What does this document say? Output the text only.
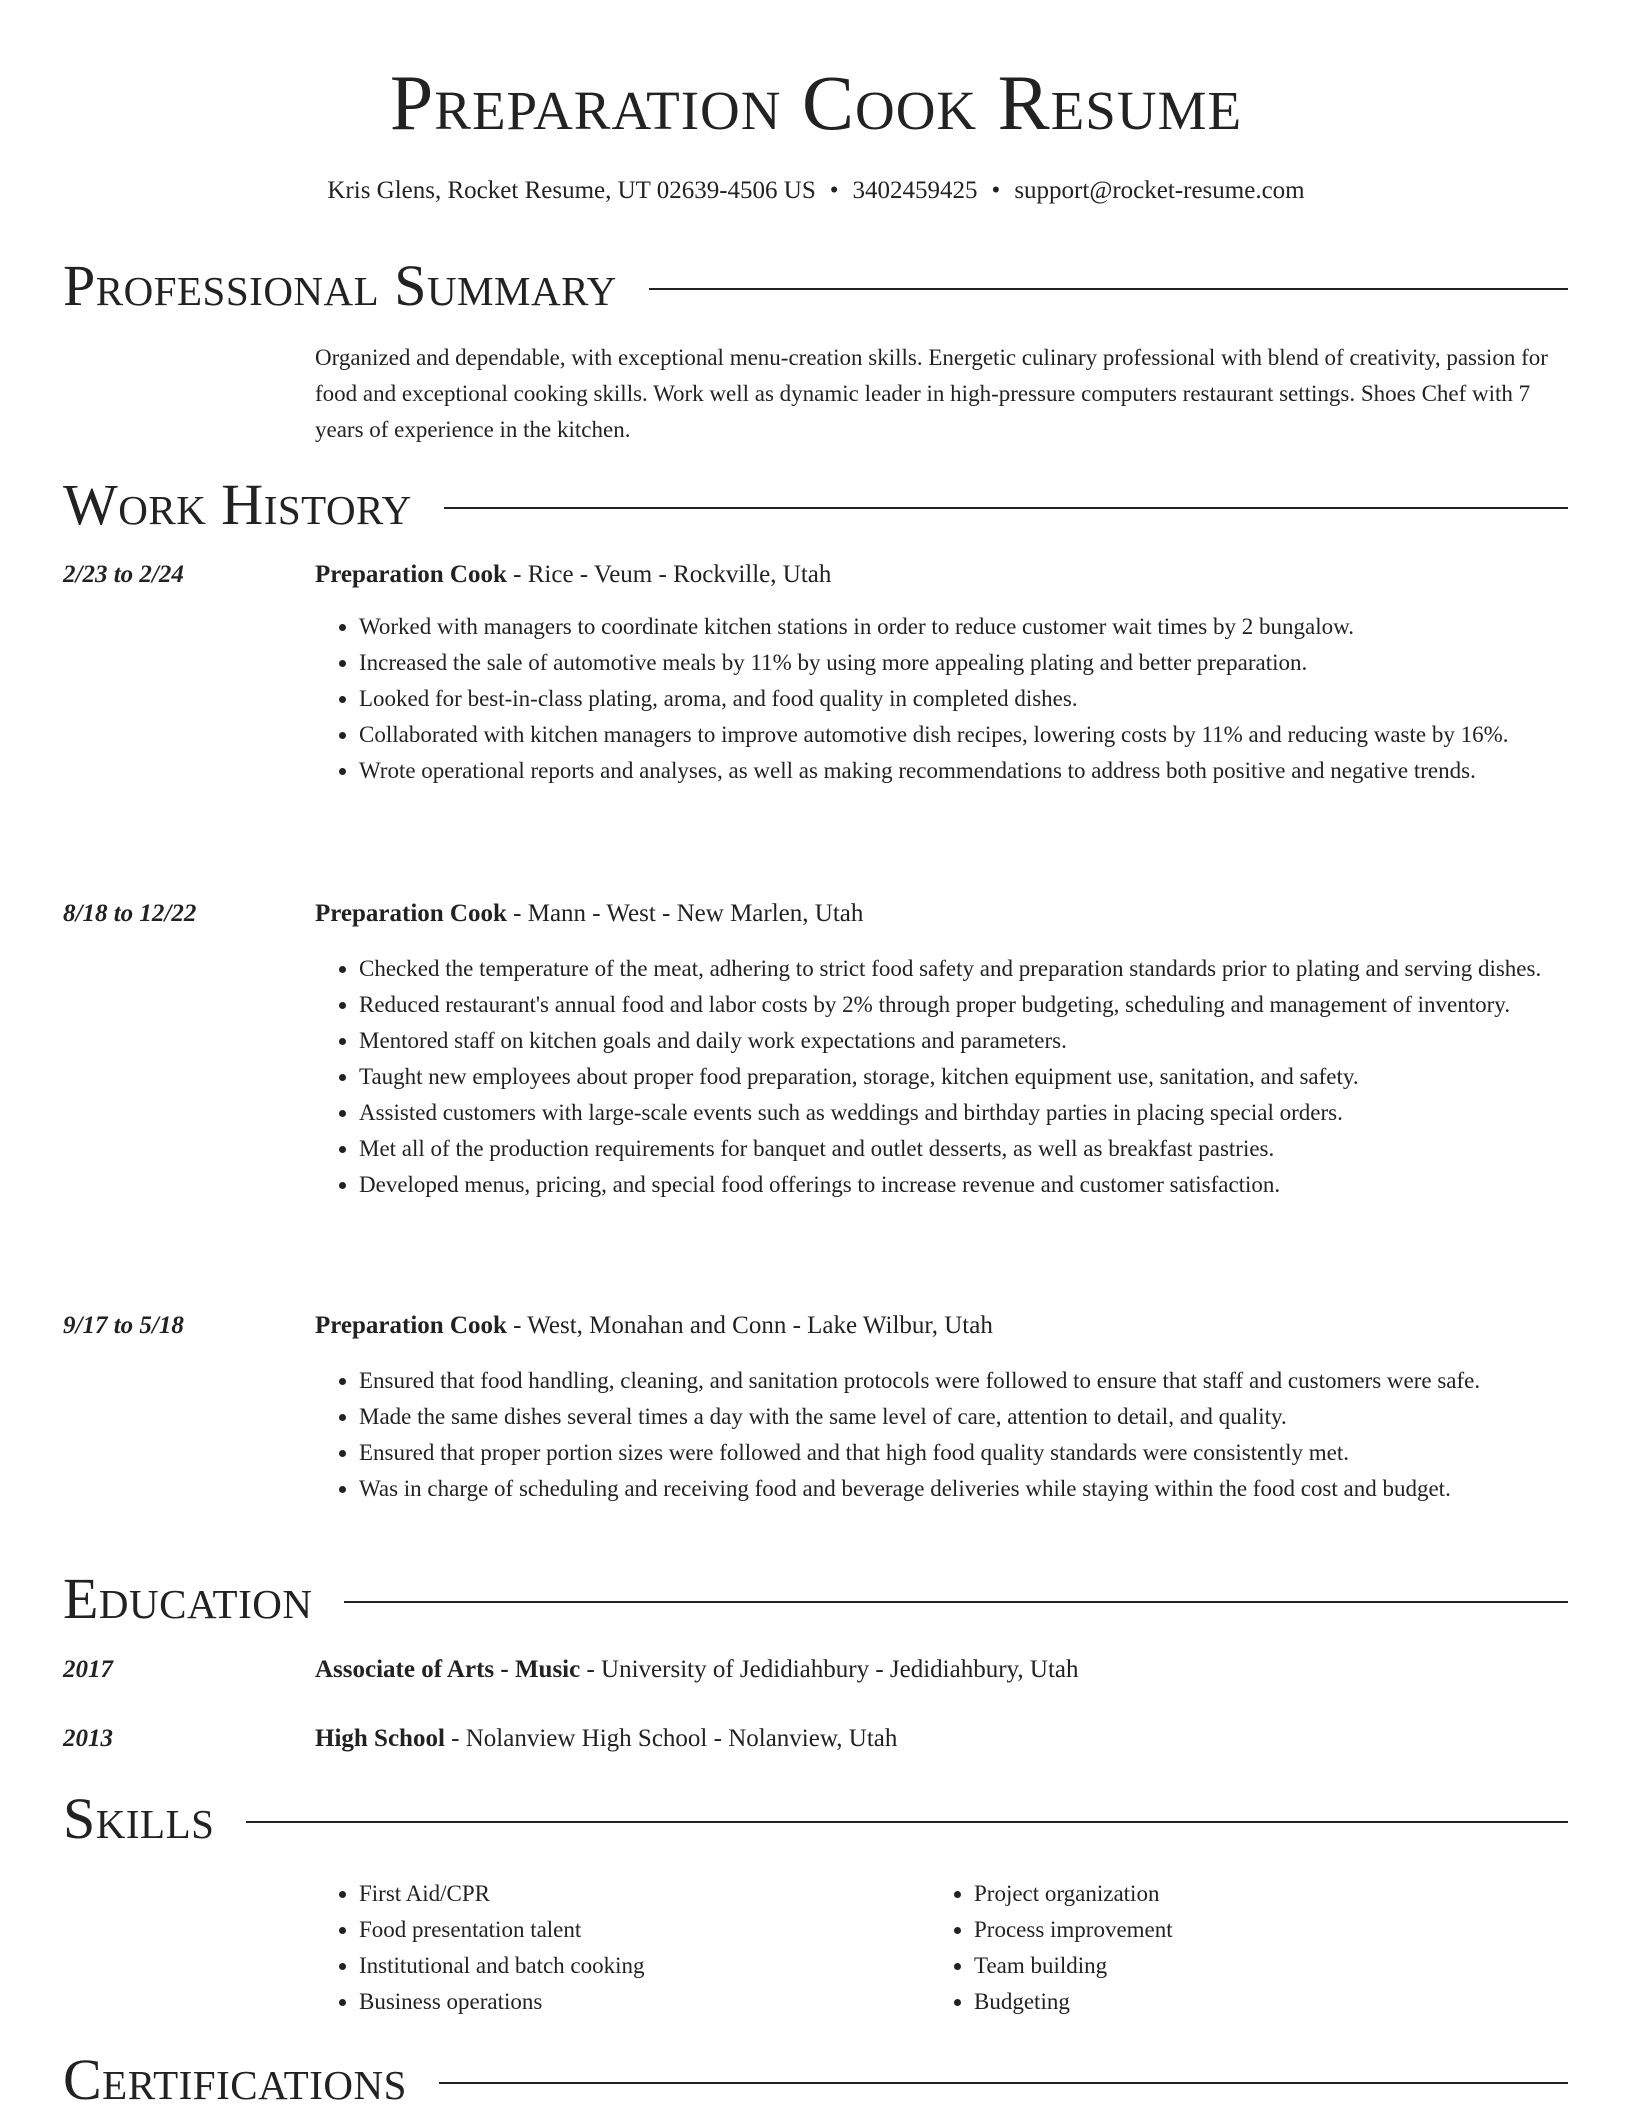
Preparation Cook Resume
Kris Glens, Rocket Resume, UT 02639-4506 US • 3402459425 • support@rocket-resume.com
Professional Summary

Organized and dependable, with exceptional menu-creation skills. Energetic culinary professional with blend of creativity, passion for food and exceptional cooking skills. Work well as dynamic leader in high-pressure computers restaurant settings. Shoes Chef with 7 years of experience in the kitchen.

Work History
2/23 to 2/24	Preparation Cook - Rice - Veum - Rockville, Utah
• Worked with managers to coordinate kitchen stations in order to reduce customer wait times by 2 bungalow.
• Increased the sale of automotive meals by 11% by using more appealing plating and better preparation.
• Looked for best-in-class plating, aroma, and food quality in completed dishes.
• Collaborated with kitchen managers to improve automotive dish recipes, lowering costs by 11% and reducing waste by 16%.
• Wrote operational reports and analyses, as well as making recommendations to address both positive and negative trends.
8/18 to 12/22	Preparation Cook - Mann - West - New Marlen, Utah
• Checked the temperature of the meat, adhering to strict food safety and preparation standards prior to plating and serving dishes.
• Reduced restaurant's annual food and labor costs by 2% through proper budgeting, scheduling and management of inventory.
• Mentored staff on kitchen goals and daily work expectations and parameters.
• Taught new employees about proper food preparation, storage, kitchen equipment use, sanitation, and safety.
• Assisted customers with large-scale events such as weddings and birthday parties in placing special orders.
• Met all of the production requirements for banquet and outlet desserts, as well as breakfast pastries.
• Developed menus, pricing, and special food offerings to increase revenue and customer satisfaction.
9/17 to 5/18	Preparation Cook - West, Monahan and Conn - Lake Wilbur, Utah
• Ensured that food handling, cleaning, and sanitation protocols were followed to ensure that staff and customers were safe.
• Made the same dishes several times a day with the same level of care, attention to detail, and quality.
• Ensured that proper portion sizes were followed and that high food quality standards were consistently met.
• Was in charge of scheduling and receiving food and beverage deliveries while staying within the food cost and budget.
Education
2017	Associate of Arts - Music - University of Jedidiahbury - Jedidiahbury, Utah
2013	High School - Nolanview High School - Nolanview, Utah
Skills
• First Aid/CPR
• Food presentation talent
• Institutional and batch cooking
• Business operations
• Project organization
• Process improvement
• Team building
• Budgeting
Certifications
